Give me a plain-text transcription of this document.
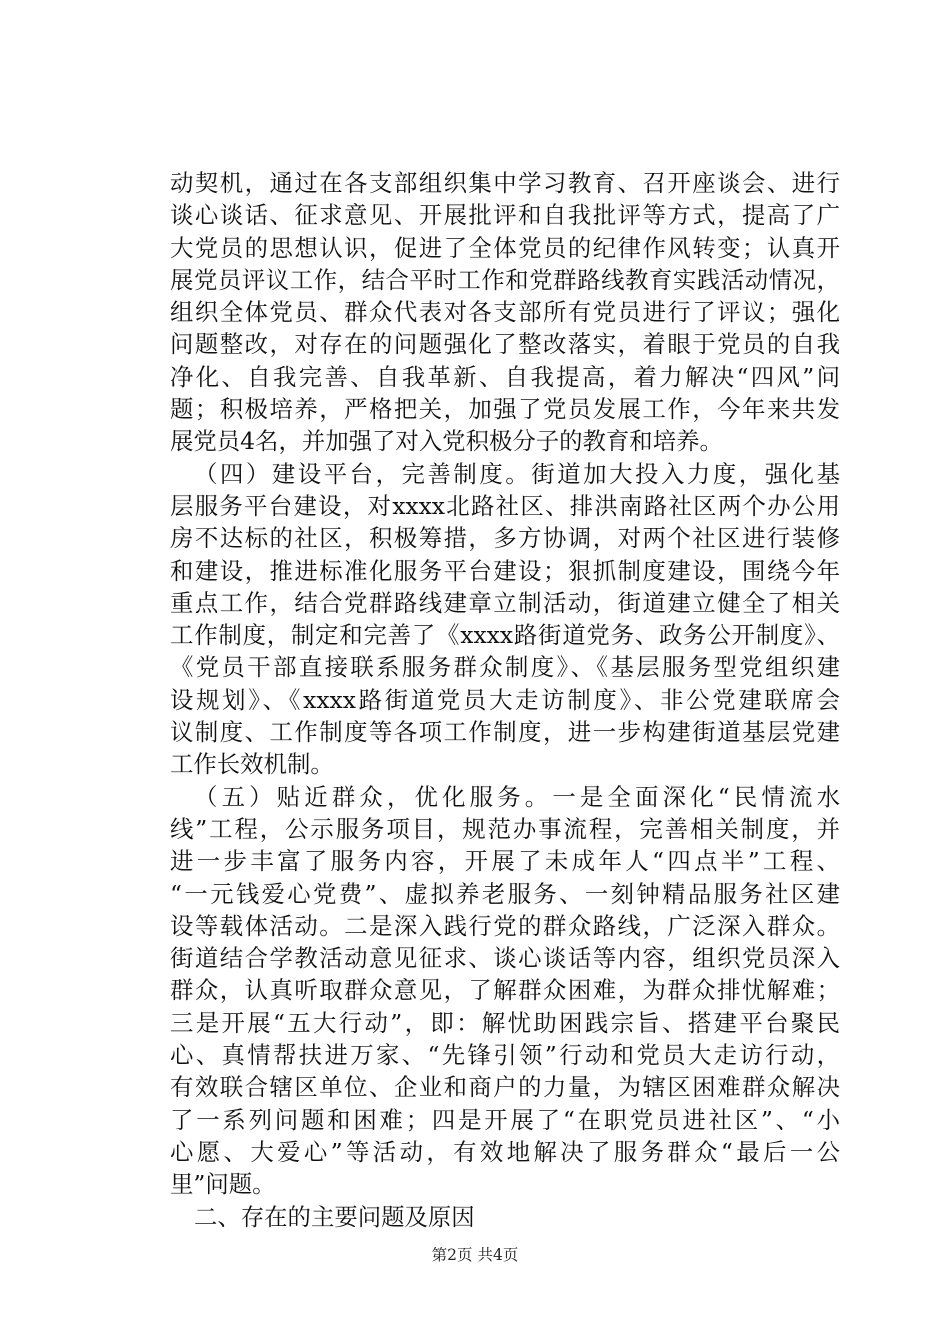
动契机，通过在各支部组织集中学习教育、召开座谈会、进行
谈心谈话、征求意见、开展批评和自我批评等方式，提高了广
大党员的思想认识，促进了全体党员的纪律作风转变；认真开
展党员评议工作，结合平时工作和党群路线教育实践活动情况，
组织全体党员、群众代表对各支部所有党员进行了评议；强化
问题整改，对存在的问题强化了整改落实，着眼于党员的自我
净化、自我完善、自我革新、自我提高，着力解决“四风”问
题；积极培养，严格把关，加强了党员发展工作，今年来共发
展党员4名，并加强了对入党积极分子的教育和培养。
（四）建设平台，完善制度。街道加大投入力度，强化基
层服务平台建设，对xxxx北路社区、排洪南路社区两个办公用
房不达标的社区，积极筹措，多方协调，对两个社区进行装修
和建设，推进标准化服务平台建设；狠抓制度建设，围绕今年
重点工作，结合党群路线建章立制活动，街道建立健全了相关
工作制度，制定和完善了《xxxx路街道党务、政务公开制度》、
《党员干部直接联系服务群众制度》、《基层服务型党组织建
设规划》、《xxxx路街道党员大走访制度》、非公党建联席会
议制度、工作制度等各项工作制度，进一步构建街道基层党建
工作长效机制。
（五）贴近群众，优化服务。一是全面深化“民情流水
线”工程，公示服务项目，规范办事流程，完善相关制度，并
进一步丰富了服务内容，开展了未成年人“四点半”工程、
“一元钱爱心党费”、虚拟养老服务、一刻钟精品服务社区建
设等载体活动。二是深入践行党的群众路线，广泛深入群众。
街道结合学教活动意见征求、谈心谈话等内容，组织党员深入
群众，认真听取群众意见，了解群众困难，为群众排忧解难；
三是开展“五大行动”，即：解忧助困践宗旨、搭建平台聚民
心、真情帮扶进万家、“先锋引领”行动和党员大走访行动，
有效联合辖区单位、企业和商户的力量，为辖区困难群众解决
了一系列问题和困难；四是开展了“在职党员进社区”、“小
心愿、大爱心”等活动，有效地解决了服务群众“最后一公
里”问题。
二、存在的主要问题及原因
第2页 共4页
